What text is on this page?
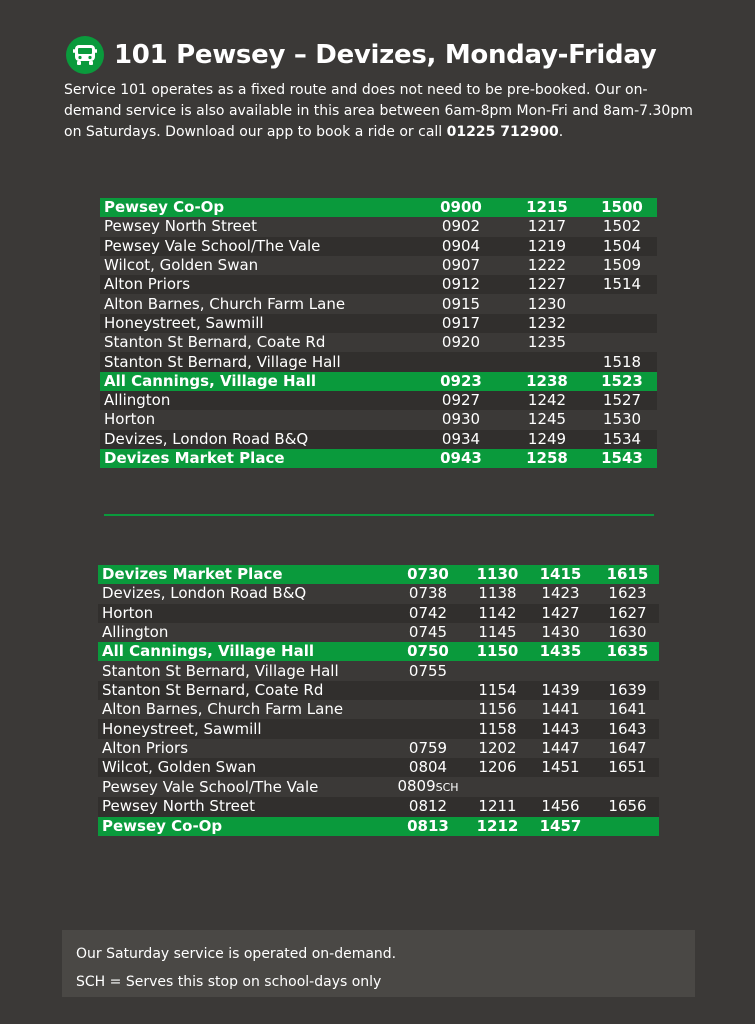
101 Pewsey – Devizes, Monday-Friday

Service 101 operates as a fixed route and does not need to be pre-booked. Our on-demand service is also available in this area between 6am-8pm Mon-Fri and 8am-7.30pm on Saturdays. Download our app to book a ride or call 01225 712900.

Pewsey Co-Op	0900	1215	1500
Pewsey North Street	0902	1217	1502
Pewsey Vale School/The Vale	0904	1219	1504
Wilcot, Golden Swan	0907	1222	1509
Alton Priors	0912	1227	1514
Alton Barnes, Church Farm Lane	0915	1230	
Honeystreet, Sawmill	0917	1232	
Stanton St Bernard, Coate Rd	0920	1235	
Stanton St Bernard, Village Hall			1518
All Cannings, Village Hall	0923	1238	1523
Allington	0927	1242	1527
Horton	0930	1245	1530
Devizes, London Road B&Q	0934	1249	1534
Devizes Market Place	0943	1258	1543
Devizes Market Place	0730	1130	1415	1615
Devizes, London Road B&Q	0738	1138	1423	1623
Horton	0742	1142	1427	1627
Allington	0745	1145	1430	1630
All Cannings, Village Hall	0750	1150	1435	1635
Stanton St Bernard, Village Hall	0755			
Stanton St Bernard, Coate Rd		1154	1439	1639
Alton Barnes, Church Farm Lane		1156	1441	1641
Honeystreet, Sawmill		1158	1443	1643
Alton Priors	0759	1202	1447	1647
Wilcot, Golden Swan	0804	1206	1451	1651
Pewsey Vale School/The Vale	0809SCH			
Pewsey North Street	0812	1211	1456	1656
Pewsey Co-Op	0813	1212	1457	

Our Saturday service is operated on-demand.

SCH = Serves this stop on school-days only
